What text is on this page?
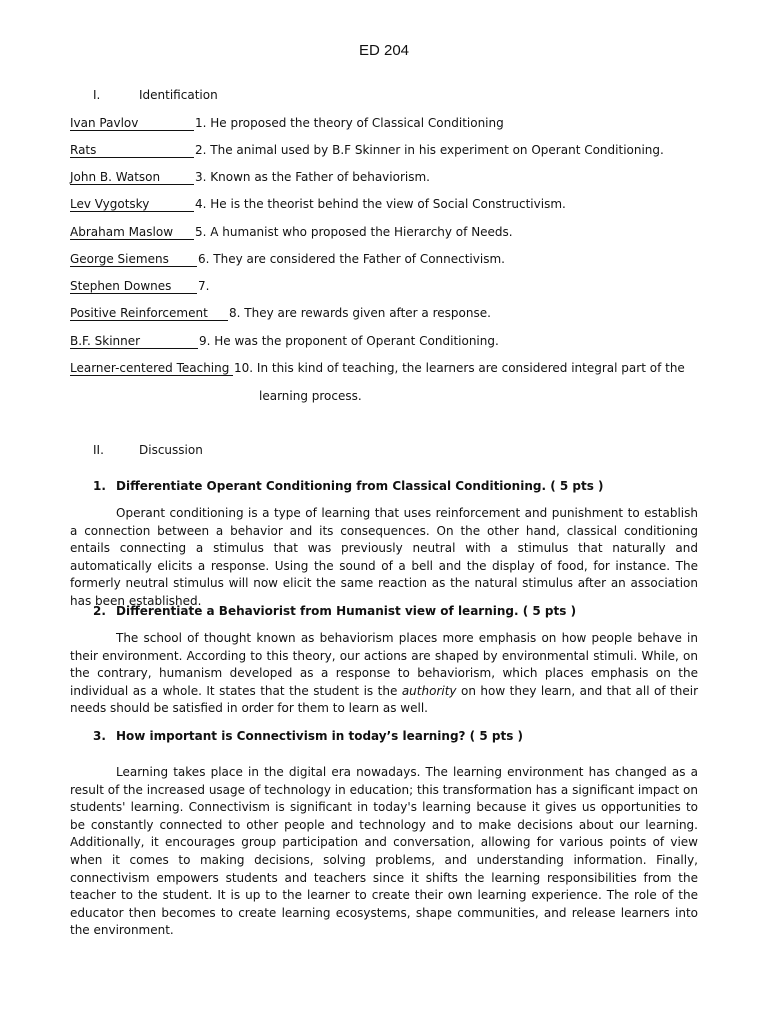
ED 204
I.	Identification
Ivan Pavlov	1. He proposed the theory of Classical Conditioning
Rats	2. The animal used by B.F Skinner in his experiment on Operant Conditioning.
John B. Watson	3. Known as the Father of behaviorism.
Lev Vygotsky	4. He is the theorist behind the view of Social Constructivism.
Abraham Maslow 5. A humanist who proposed the Hierarchy of Needs.
George Siemens 6. They are considered the Father of Connectivism.
Stephen Downes 7.
Positive Reinforcement 8. They are rewards given after a response.
B.F. Skinner	9. He was the proponent of Operant Conditioning.
Learner-centered Teaching 10. In this kind of teaching, the learners are considered integral part of the
learning process.
II.	Discussion
1. Differentiate Operant Conditioning from Classical Conditioning. ( 5 pts )

Operant conditioning is a type of learning that uses reinforcement and punishment to establish a connection between a behavior and its consequences. On the other hand, classical conditioning entails connecting a stimulus that was previously neutral with a stimulus that naturally and automatically elicits a response. Using the sound of a bell and the display of food, for instance. The formerly neutral stimulus will now elicit the same reaction as the natural stimulus after an association has been established.

2. Differentiate a Behaviorist from Humanist view of learning. ( 5 pts )

The school of thought known as behaviorism places more emphasis on how people behave in their environment. According to this theory, our actions are shaped by environmental stimuli. While, on the contrary, humanism developed as a response to behaviorism, which places emphasis on the individual as a whole. It states that the student is the authority on how they learn, and that all of their needs should be satisfied in order for them to learn as well.

3. How important is Connectivism in today’s learning? ( 5 pts )

Learning takes place in the digital era nowadays. The learning environment has changed as a result of the increased usage of technology in education; this transformation has a significant impact on students' learning. Connectivism is significant in today's learning because it gives us opportunities to be constantly connected to other people and technology and to make decisions about our learning. Additionally, it encourages group participation and conversation, allowing for various points of view when it comes to making decisions, solving problems, and understanding information. Finally, connectivism empowers students and teachers since it shifts the learning responsibilities from the teacher to the student. It is up to the learner to create their own learning experience. The role of the educator then becomes to create learning ecosystems, shape communities, and release learners into the environment.
